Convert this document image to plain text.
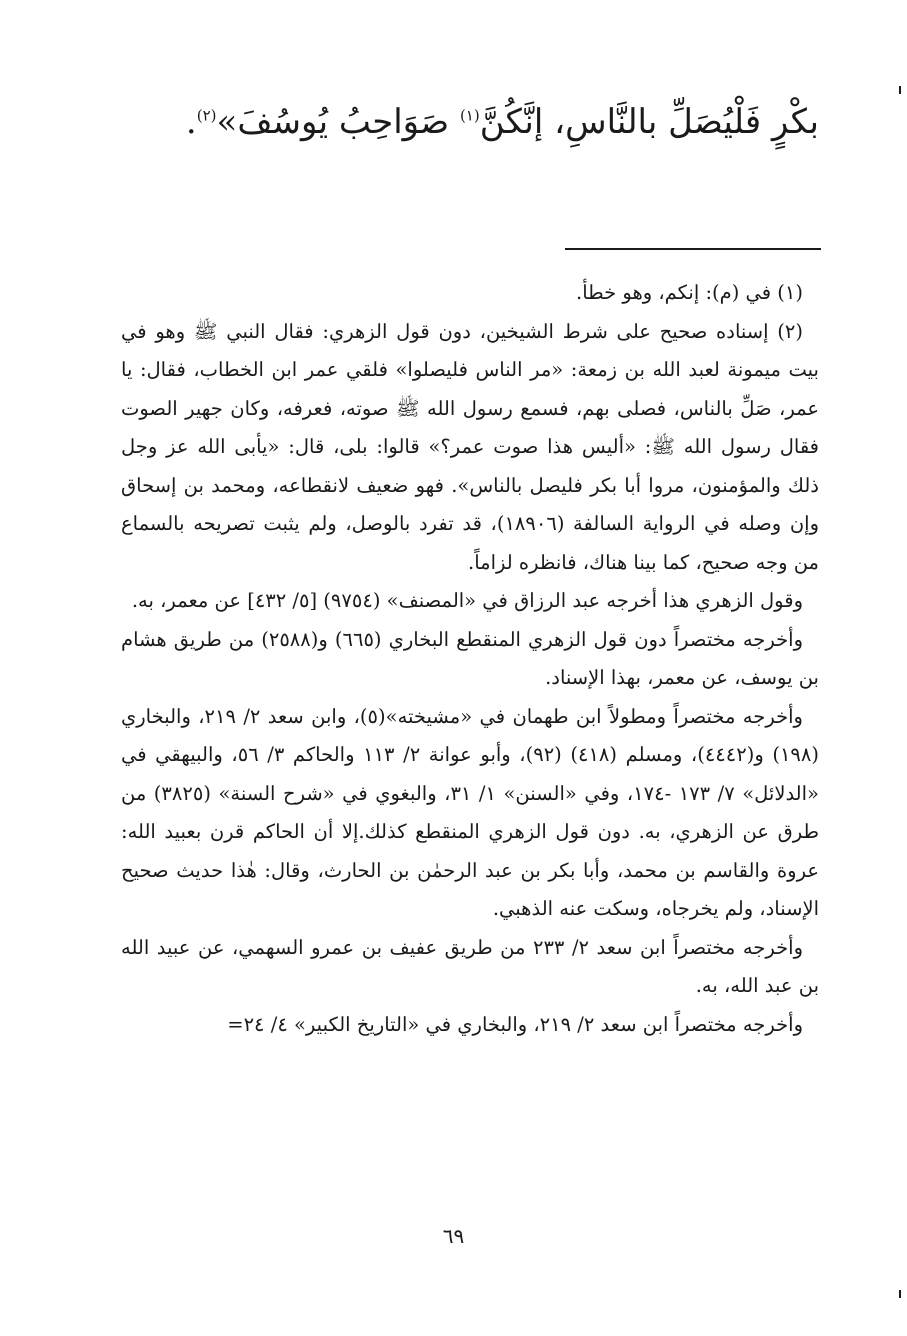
بكْرٍ فَلْيُصَلِّ بالنَّاسِ، إنَّكُنَّ$^{(١)}$ صَوَاحِبُ يُوسُفَ»$^{(٢)}$.

(١) في (م): إنكم، وهو خطأ.

(٢) إسناده صحيح على شرط الشيخين، دون قول الزهري: فقال النبي ﷺ وهو في بيت ميمونة لعبد الله بن زمعة: «مر الناس فليصلوا» فلقي عمر ابن الخطاب، فقال: يا عمر، صَلِّ بالناس، فصلى بهم، فسمع رسول الله ﷺ صوته، فعرفه، وكان جهير الصوت فقال رسول الله ﷺ: «أليس هذا صوت عمر؟» قالوا: بلى، قال: «يأبى الله عز وجل ذلك والمؤمنون، مروا أبا بكر فليصل بالناس». فهو ضعيف لانقطاعه، ومحمد بن إسحاق وإن وصله في الرواية السالفة (١٨٩٠٦)، قد تفرد بالوصل، ولم يثبت تصريحه بالسماع من وجه صحيح، كما بينا هناك، فانظره لزاماً.

وقول الزهري هذا أخرجه عبد الرزاق في «المصنف» (٩٧٥٤) [٥/ ٤٣٢] عن معمر، به.

وأخرجه مختصراً دون قول الزهري المنقطع البخاري (٦٦٥) و(٢٥٨٨) من طريق هشام بن يوسف، عن معمر، بهذا الإسناد.

وأخرجه مختصراً ومطولاً ابن طهمان في «مشيخته»(٥)، وابن سعد ٢/ ٢١٩، والبخاري (١٩٨) و(٤٤٤٢)، ومسلم (٤١٨) (٩٢)، وأبو عوانة ٢/ ١١٣ والحاكم ٣/ ٥٦، والبيهقي في «الدلائل» ٧/ ١٧٣ -١٧٤، وفي «السنن» ١/ ٣١، والبغوي في «شرح السنة» (٣٨٢٥) من طرق عن الزهري، به. دون قول الزهري المنقطع كذلك.إلا أن الحاكم قرن بعبيد الله: عروة والقاسم بن محمد، وأبا بكر بن عبد الرحمٰن بن الحارث، وقال: هٰذا حديث صحيح الإسناد، ولم يخرجاه، وسكت عنه الذهبي.

وأخرجه مختصراً ابن سعد ٢/ ٢٣٣ من طريق عفيف بن عمرو السهمي، عن عبيد الله بن عبد الله، به.

وأخرجه مختصراً ابن سعد ٢/ ٢١٩، والبخاري في «التاريخ الكبير» ٤/ ٢٤=

٦٩
